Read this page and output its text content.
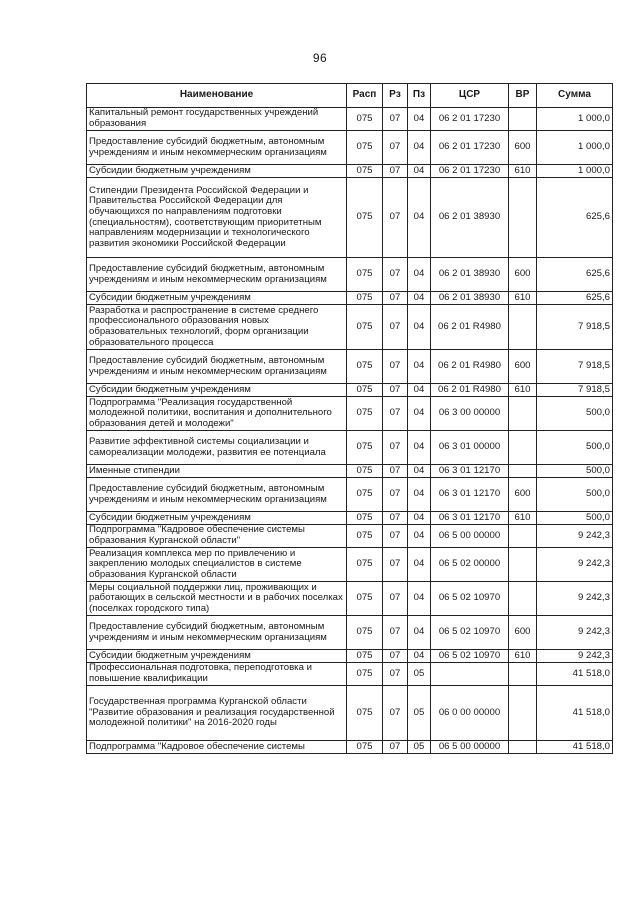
96
Наименование	Расп	Рз	Пз	ЦСР	ВР	Сумма
Капитальный ремонт государственных учреждений образования	075	07	04	06 2 01 17230		1 000,0
Предоставление субсидий бюджетным, автономным учреждениям и иным некоммерческим организациям	075	07	04	06 2 01 17230	600	1 000,0
Субсидии бюджетным учреждениям	075	07	04	06 2 01 17230	610	1 000,0
Стипендии Президента Российской Федерации и Правительства Российской Федерации для обучающихся по направлениям подготовки (специальностям), соответствующим приоритетным направлениям модернизации и технологического развития экономики Российской Федерации	075	07	04	06 2 01 38930		625,6
Предоставление субсидий бюджетным, автономным учреждениям и иным некоммерческим организациям	075	07	04	06 2 01 38930	600	625,6
Субсидии бюджетным учреждениям	075	07	04	06 2 01 38930	610	625,6
Разработка и распространение в системе среднего профессионального образования новых образовательных технологий, форм организации образовательного процесса	075	07	04	06 2 01 R4980		7 918,5
Предоставление субсидий бюджетным, автономным учреждениям и иным некоммерческим организациям	075	07	04	06 2 01 R4980	600	7 918,5
Субсидии бюджетным учреждениям	075	07	04	06 2 01 R4980	610	7 918,5
Подпрограмма "Реализация государственной молодежной политики, воспитания и дополнительного образования детей и молодежи"	075	07	04	06 3 00 00000		500,0
Развитие эффективной системы социализации и самореализации молодежи, развития ее потенциала	075	07	04	06 3 01 00000		500,0
Именные стипендии	075	07	04	06 3 01 12170		500,0
Предоставление субсидий бюджетным, автономным учреждениям и иным некоммерческим организациям	075	07	04	06 3 01 12170	600	500,0
Субсидии бюджетным учреждениям	075	07	04	06 3 01 12170	610	500,0
Подпрограмма "Кадровое обеспечение системы образования Курганской области"	075	07	04	06 5 00 00000		9 242,3
Реализация комплекса мер по привлечению и закреплению молодых специалистов в системе образования Курганской области	075	07	04	06 5 02 00000		9 242,3
Меры социальной поддержки лиц, проживающих и работающих в сельской местности и в рабочих поселках (поселках городского типа)	075	07	04	06 5 02 10970		9 242,3
Предоставление субсидий бюджетным, автономным учреждениям и иным некоммерческим организациям	075	07	04	06 5 02 10970	600	9 242,3
Субсидии бюджетным учреждениям	075	07	04	06 5 02 10970	610	9 242,3
Профессиональная подготовка, переподготовка и повышение квалификации	075	07	05			41 518,0
Государственная программа Курганской области "Развитие образования и реализация государственной молодежной политики" на 2016-2020 годы	075	07	05	06 0 00 00000		41 518,0
Подпрограмма "Кадровое обеспечение системы	075	07	05	06 5 00 00000		41 518,0
